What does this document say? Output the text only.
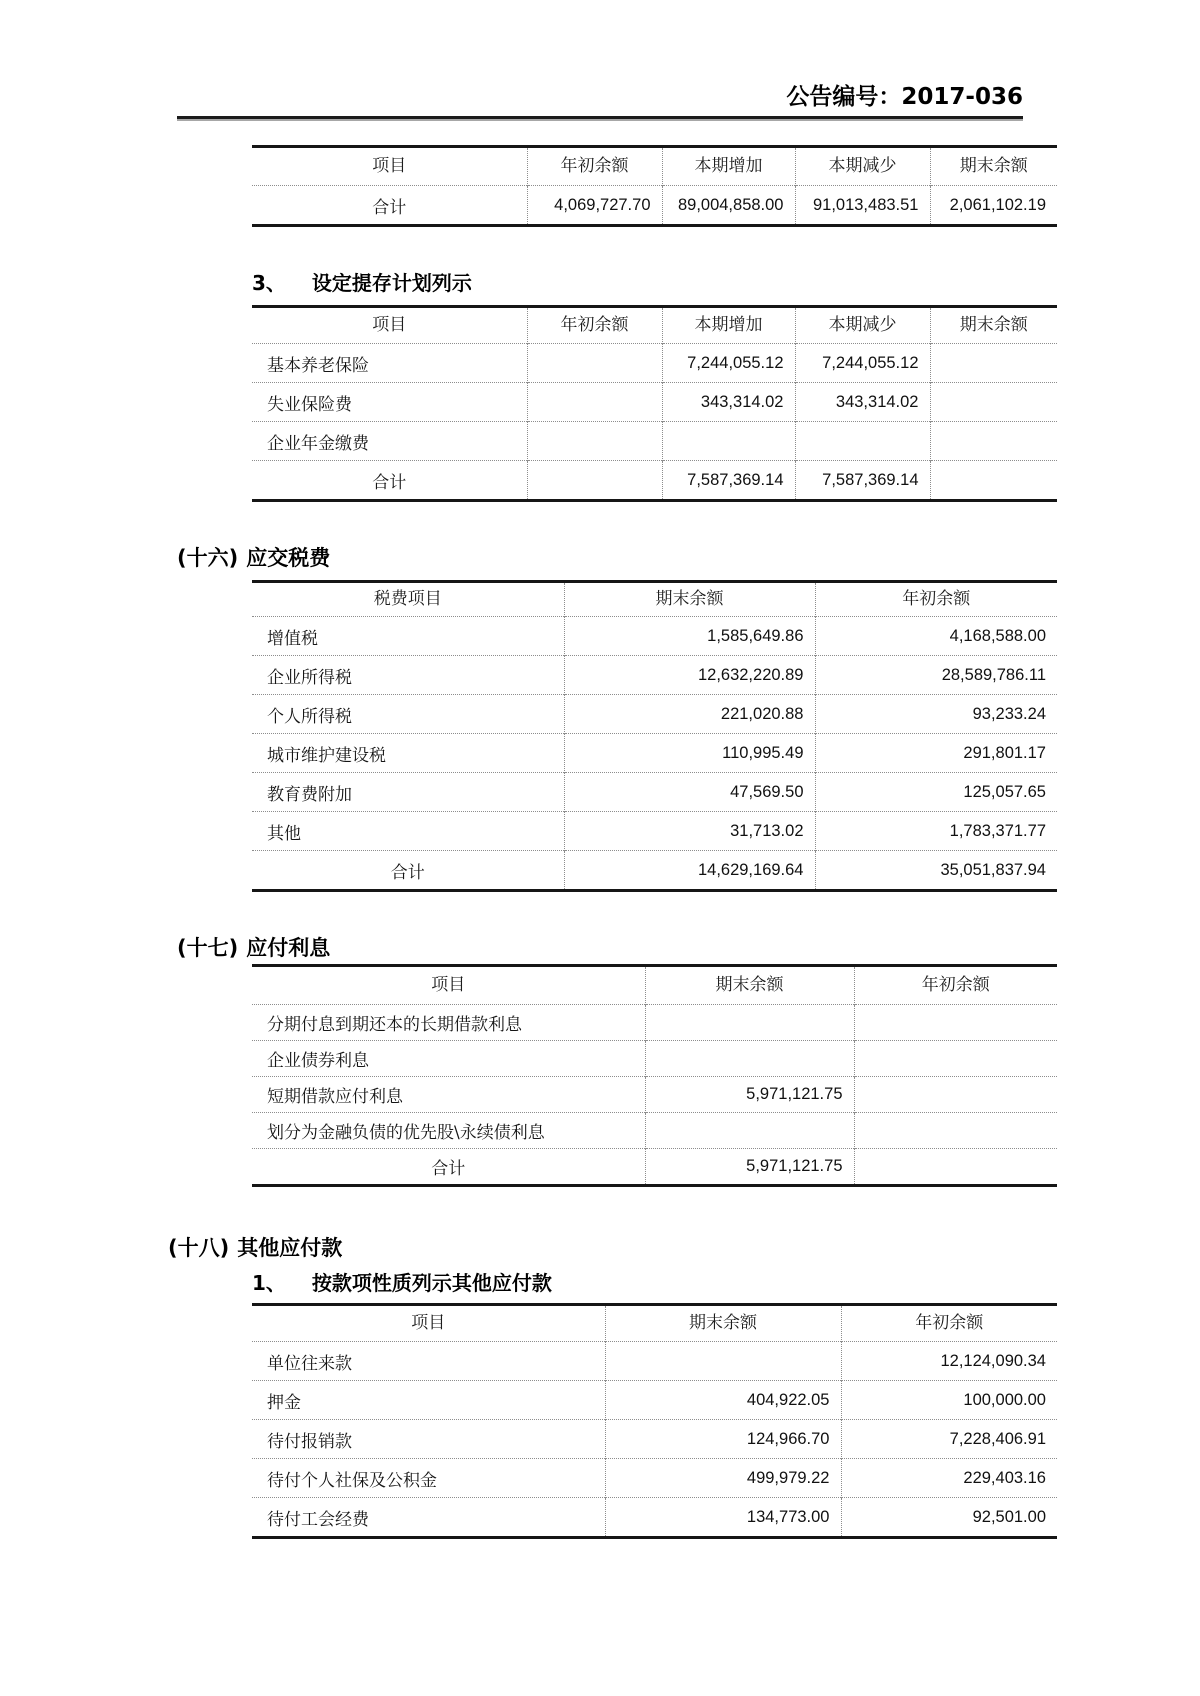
公告编号：2017-036
项目	年初余额	本期增加	本期减少	期末余额
合计	4,069,727.70	89,004,858.00	91,013,483.51	2,061,102.19
3、 设定提存计划列示
项目	年初余额	本期增加	本期减少	期末余额
基本养老保险		7,244,055.12	7,244,055.12	
失业保险费		343,314.02	343,314.02	
企业年金缴费				
合计		7,587,369.14	7,587,369.14	
(十六) 应交税费
税费项目	期末余额	年初余额
增值税	1,585,649.86	4,168,588.00
企业所得税	12,632,220.89	28,589,786.11
个人所得税	221,020.88	93,233.24
城市维护建设税	110,995.49	291,801.17
教育费附加	47,569.50	125,057.65
其他	31,713.02	1,783,371.77
合计	14,629,169.64	35,051,837.94
(十七) 应付利息
项目	期末余额	年初余额
分期付息到期还本的长期借款利息		
企业债券利息		
短期借款应付利息	5,971,121.75	
划分为金融负债的优先股\永续债利息		
合计	5,971,121.75	
(十八) 其他应付款
1、 按款项性质列示其他应付款
项目	期末余额	年初余额
单位往来款		12,124,090.34
押金	404,922.05	100,000.00
待付报销款	124,966.70	7,228,406.91
待付个人社保及公积金	499,979.22	229,403.16
待付工会经费	134,773.00	92,501.00
